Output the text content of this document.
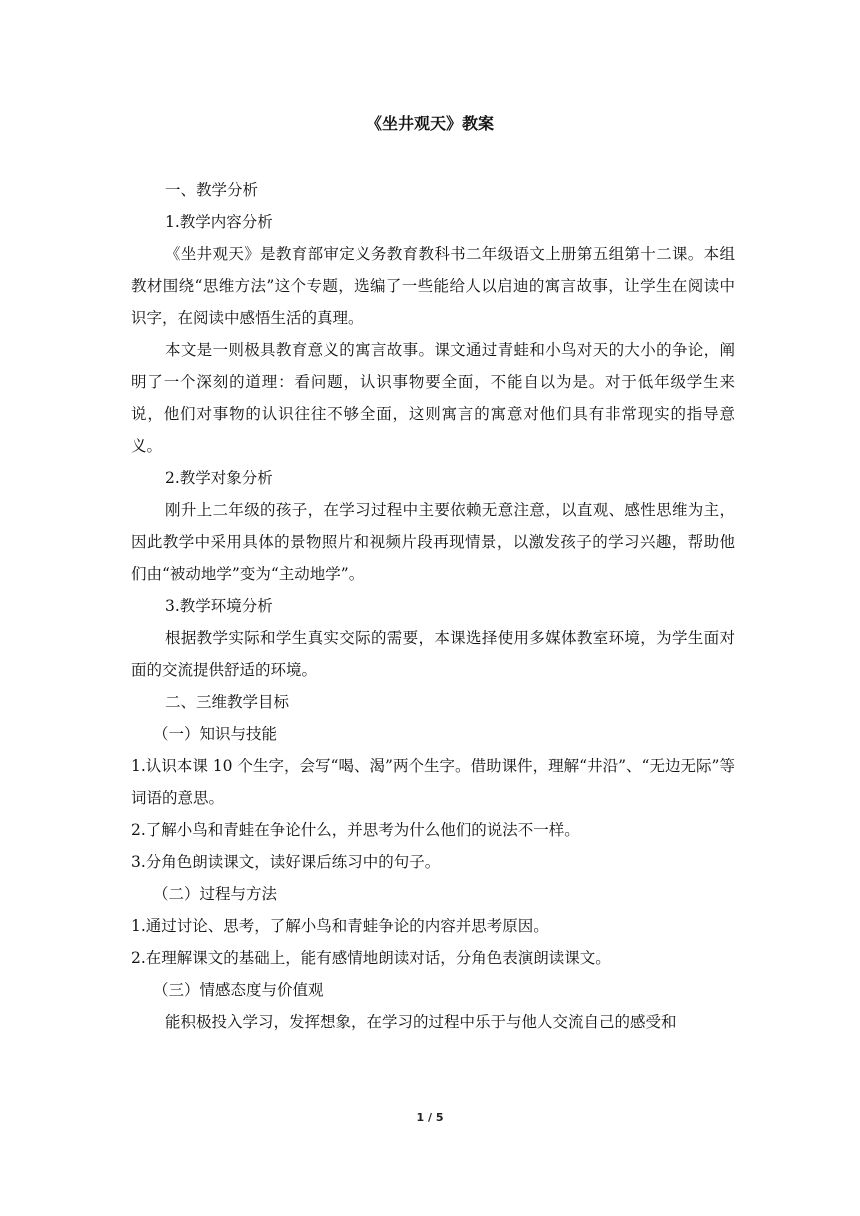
《坐井观天》教案

一、教学分析

1.教学内容分析

《坐井观天》是教育部审定义务教育教科书二年级语文上册第五组第十二课。本组教材围绕“思维方法”这个专题，选编了一些能给人以启迪的寓言故事，让学生在阅读中识字，在阅读中感悟生活的真理。

本文是一则极具教育意义的寓言故事。课文通过青蛙和小鸟对天的大小的争论，阐明了一个深刻的道理：看问题，认识事物要全面，不能自以为是。对于低年级学生来说，他们对事物的认识往往不够全面，这则寓言的寓意对他们具有非常现实的指导意义。

2.教学对象分析

刚升上二年级的孩子，在学习过程中主要依赖无意注意，以直观、感性思维为主，因此教学中采用具体的景物照片和视频片段再现情景，以激发孩子的学习兴趣，帮助他们由“被动地学”变为“主动地学”。

3.教学环境分析

根据教学实际和学生真实交际的需要，本课选择使用多媒体教室环境，为学生面对面的交流提供舒适的环境。

二、三维教学目标

（一）知识与技能

1.认识本课 10 个生字，会写“喝、渴”两个生字。借助课件，理解“井沿”、“无边无际”等词语的意思。

2.了解小鸟和青蛙在争论什么，并思考为什么他们的说法不一样。

3.分角色朗读课文，读好课后练习中的句子。

（二）过程与方法

1.通过讨论、思考，了解小鸟和青蛙争论的内容并思考原因。

2.在理解课文的基础上，能有感情地朗读对话，分角色表演朗读课文。

（三）情感态度与价值观

能积极投入学习，发挥想象，在学习的过程中乐于与他人交流自己的感受和

1 / 5
